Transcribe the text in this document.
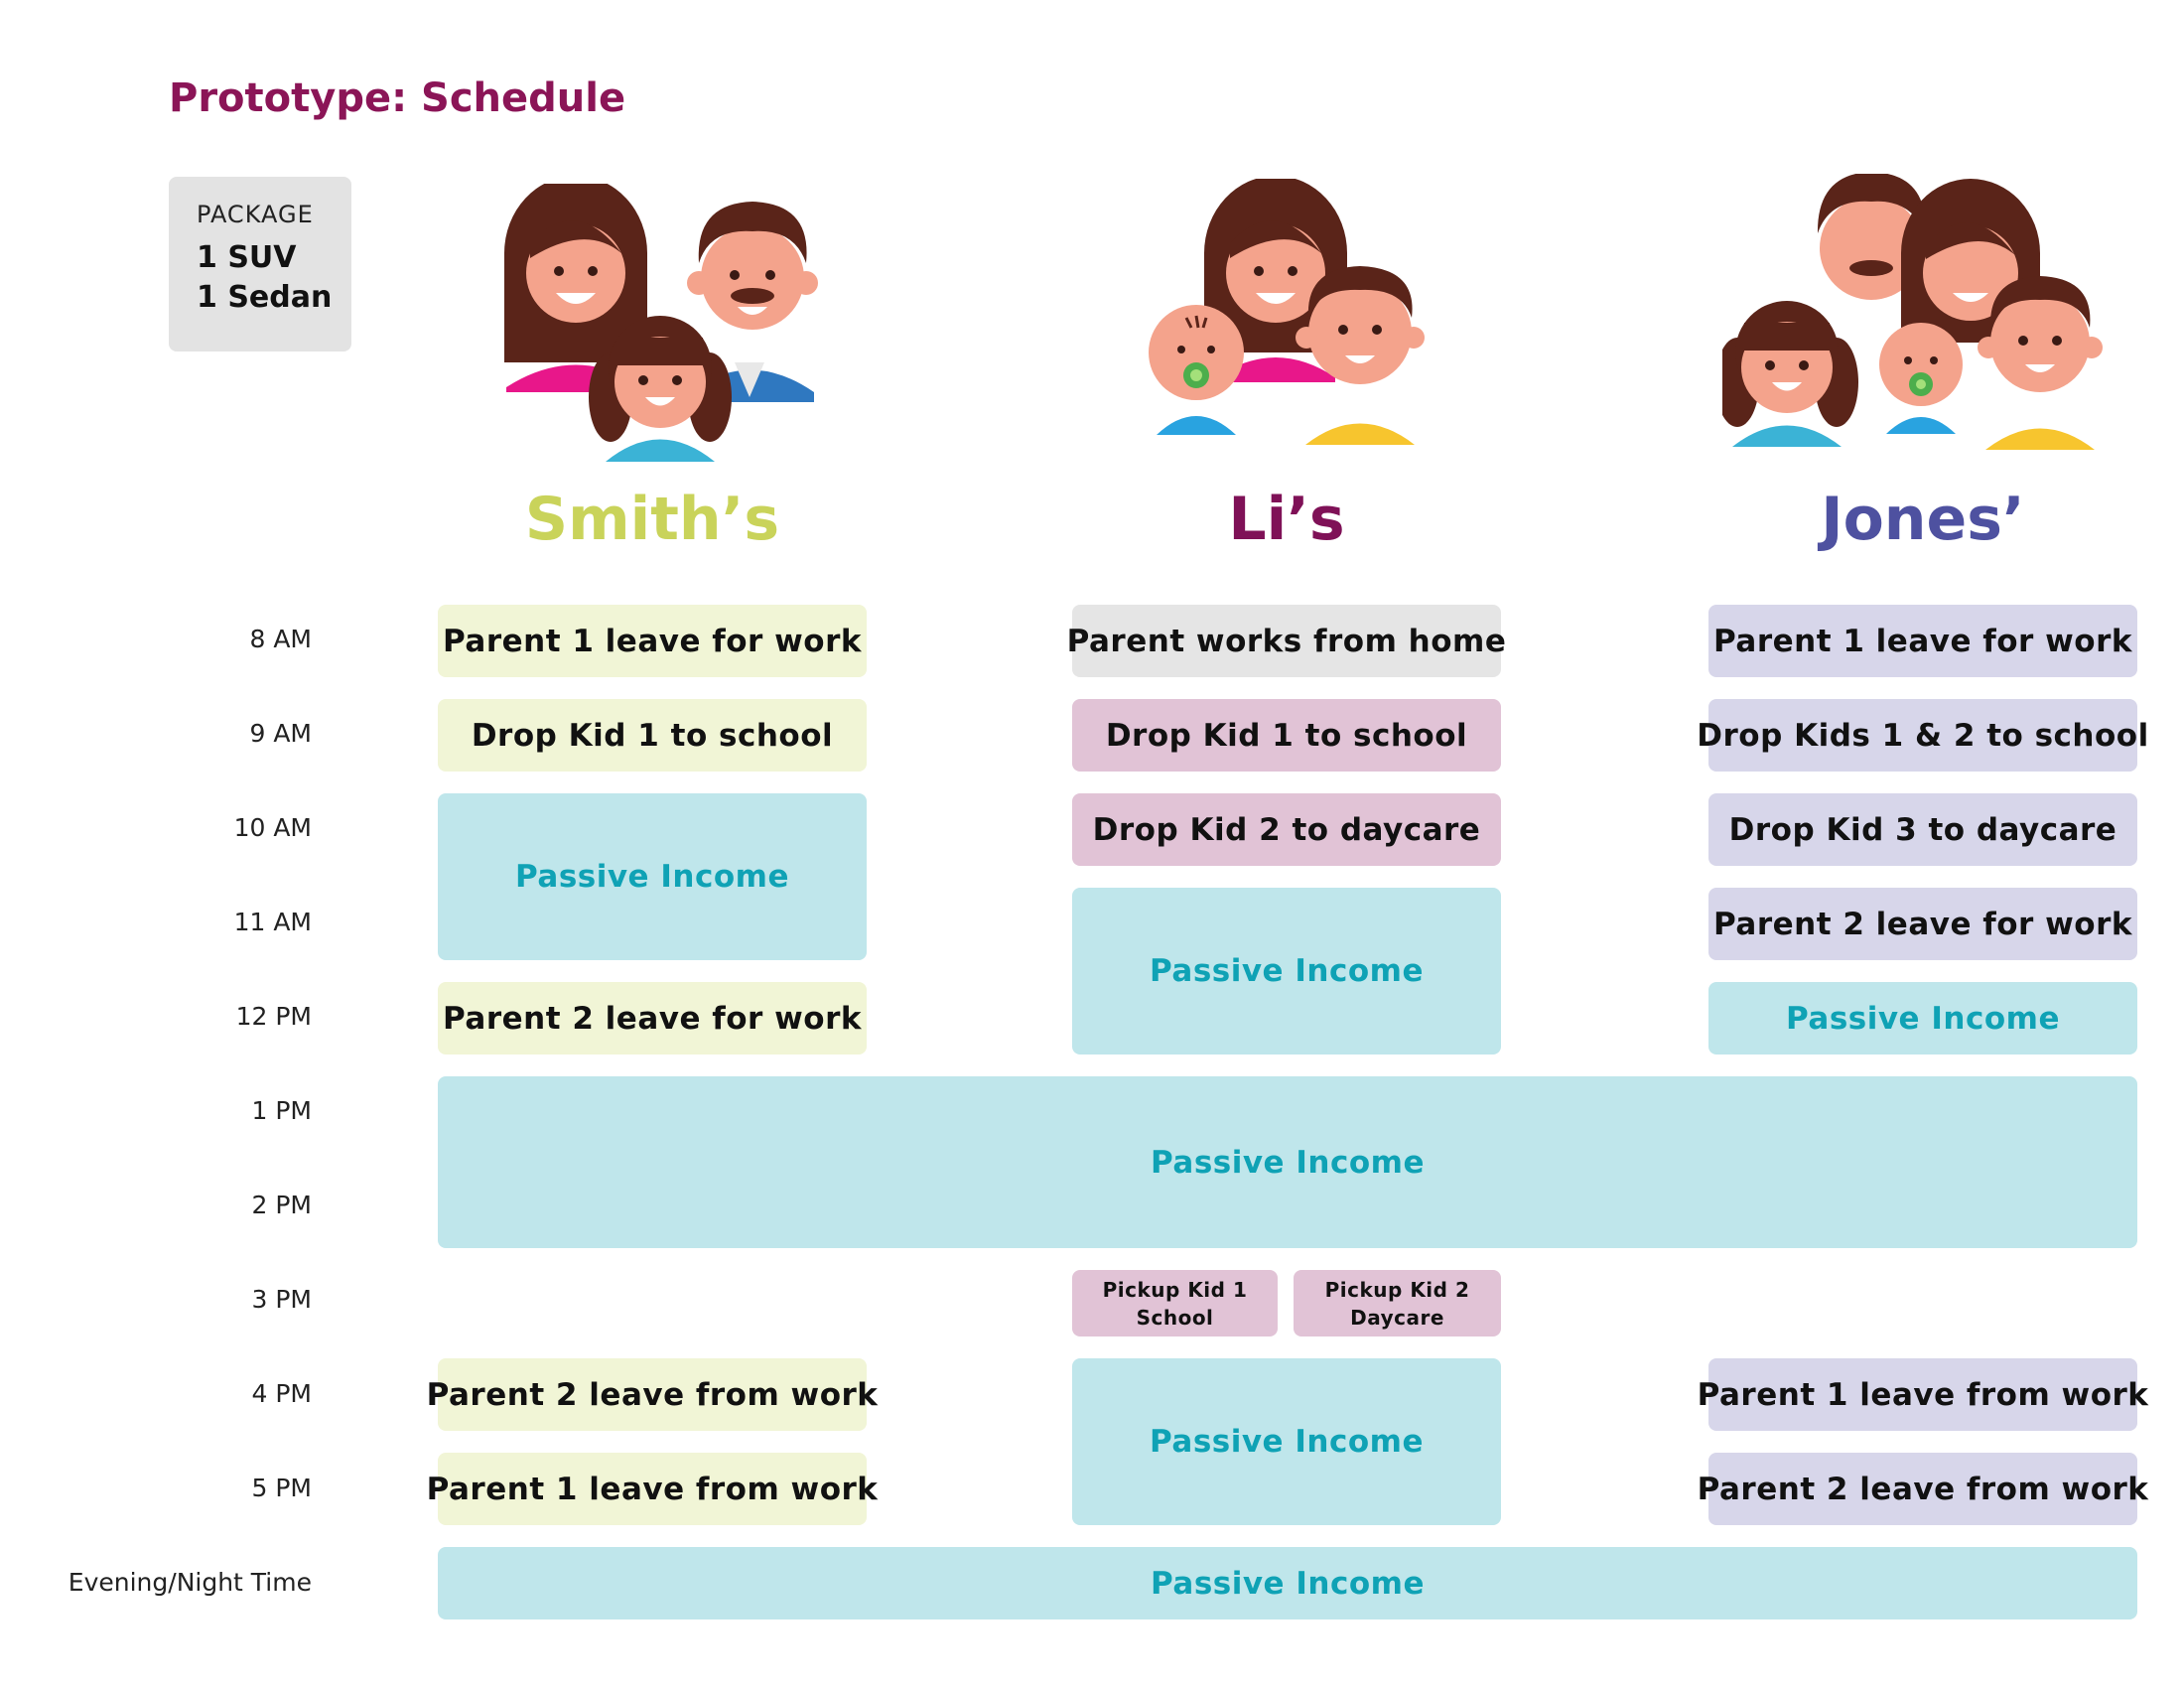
Prototype: Schedule
PACKAGE
1 SUV
1 Sedan
Smith’s	Li’s	Jones’
8 AM
9 AM
10 AM
11 AM
12 PM
1 PM
2 PM
3 PM
4 PM
5 PM
Evening/Night Time
Parent 1 leave for work
Drop Kid 1 to school
Passive Income
Parent 2 leave for work
Parent 2 leave from work
Parent 1 leave from work
Parent works from home
Drop Kid 1 to school
Drop Kid 2 to daycare
Passive Income
Pickup Kid 1 School
Pickup Kid 2 Daycare
Passive Income
Parent 1 leave for work
Drop Kids 1 & 2 to school
Drop Kid 3 to daycare
Parent 2 leave for work
Passive Income
Parent 1 leave from work
Parent 2 leave from work
Passive Income
Passive Income
